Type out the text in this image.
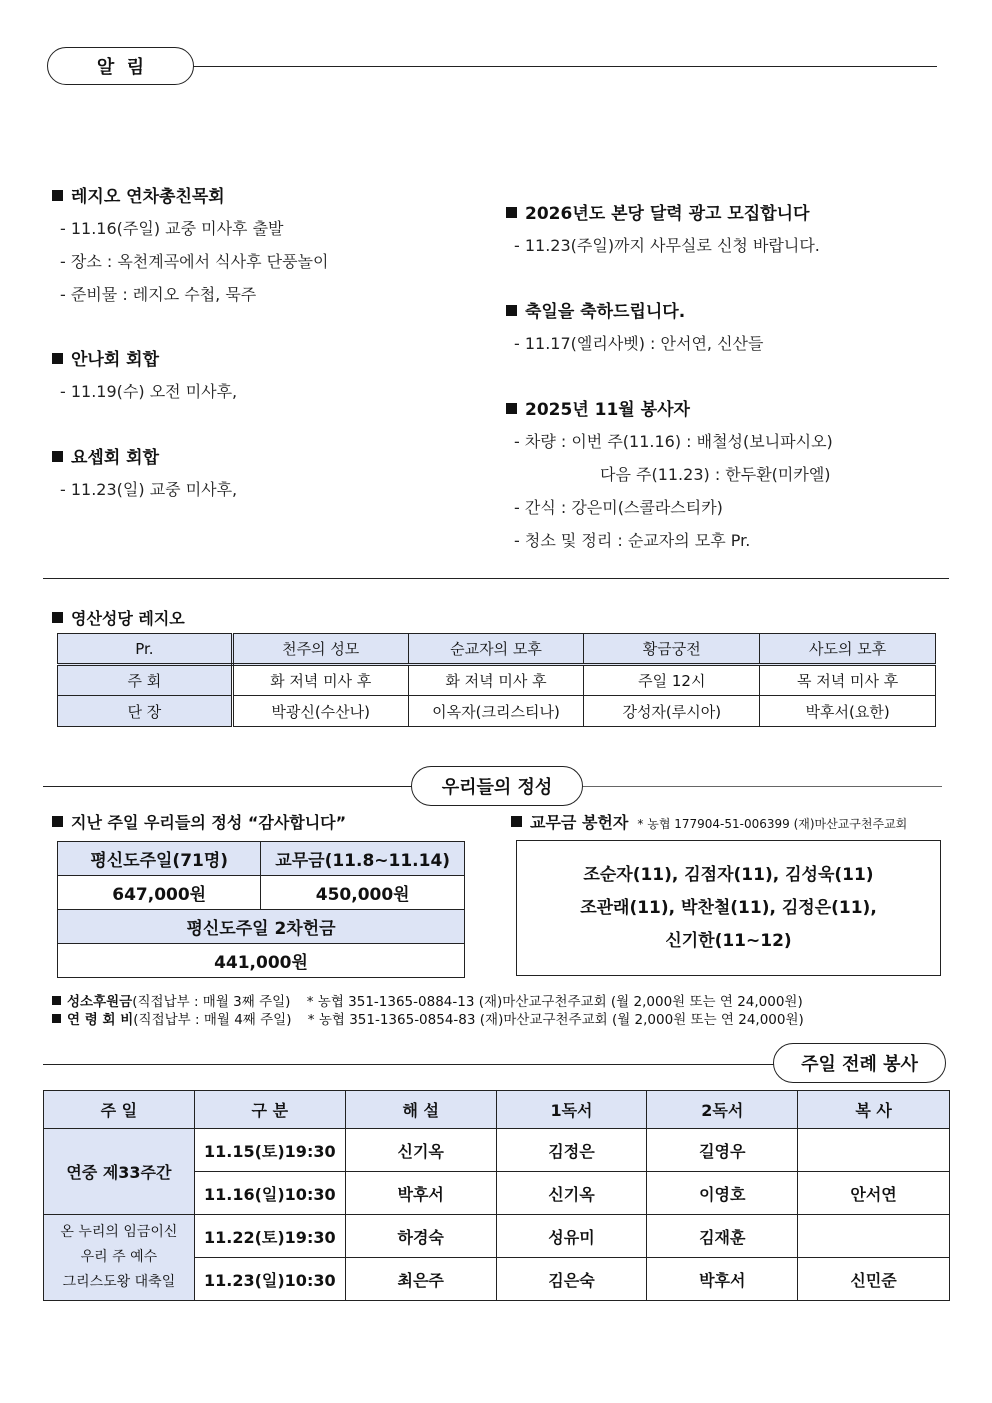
알  림
레지오 연차총친목회
- 11.16(주일) 교중 미사후 출발
- 장소 : 옥천계곡에서 식사후 단풍놀이
- 준비물 : 레지오 수첩, 묵주
안나회 회합
- 11.19(수) 오전 미사후,
요셉회 회합
- 11.23(일) 교중 미사후,
2026년도 본당 달력 광고 모집합니다
- 11.23(주일)까지 사무실로 신청 바랍니다.
축일을 축하드립니다.
- 11.17(엘리사벳) : 안서연, 신산들
2025년 11월 봉사자
- 차량 : 이번 주(11.16) : 배철성(보니파시오)
다음 주(11.23) : 한두환(미카엘)
- 간식 : 강은미(스콜라스티카)
- 청소 및 정리 : 순교자의 모후 Pr.
영산성당 레지오
Pr.	천주의 성모	순교자의 모후	황금궁전	사도의 모후
주 회	화 저녁 미사 후	화 저녁 미사 후	주일 12시	목 저녁 미사 후
단 장	박광신(수산나)	이옥자(크리스티나)	강성자(루시아)	박후서(요한)
우리들의 정성
지난 주일 우리들의 정성 “감사합니다”
평신도주일(71명)	교무금(11.8~11.14)
647,000원	450,000원
평신도주일 2차헌금	
441,000원	
교무금 봉헌자 * 농협 177904-51-006399 (재)마산교구천주교회
조순자(11), 김점자(11), 김성욱(11)
조관래(11), 박찬철(11), 김정은(11),
신기한(11~12)
성소후원금(직접납부 : 매월 3째 주일) * 농협 351-1365-0884-13 (재)마산교구천주교회 (월 2,000원 또는 연 24,000원)
연 령 회 비(직접납부 : 매월 4째 주일) * 농협 351-1365-0854-83 (재)마산교구천주교회 (월 2,000원 또는 연 24,000원)
주일 전례 봉사
주 일	구 분	해 설	1독서	2독서	복 사
연중 제33주간	11.15(토)19:30	신기옥	김정은	길영우	
	11.16(일)10:30	박후서	신기옥	이영호	안서연

온 누리의 임금이신
우리 주 예수
그리스도왕 대축일	11.22(토)19:30	하경숙	성유미	김재훈	
	11.23(일)10:30	최은주	김은숙	박후서	신민준
